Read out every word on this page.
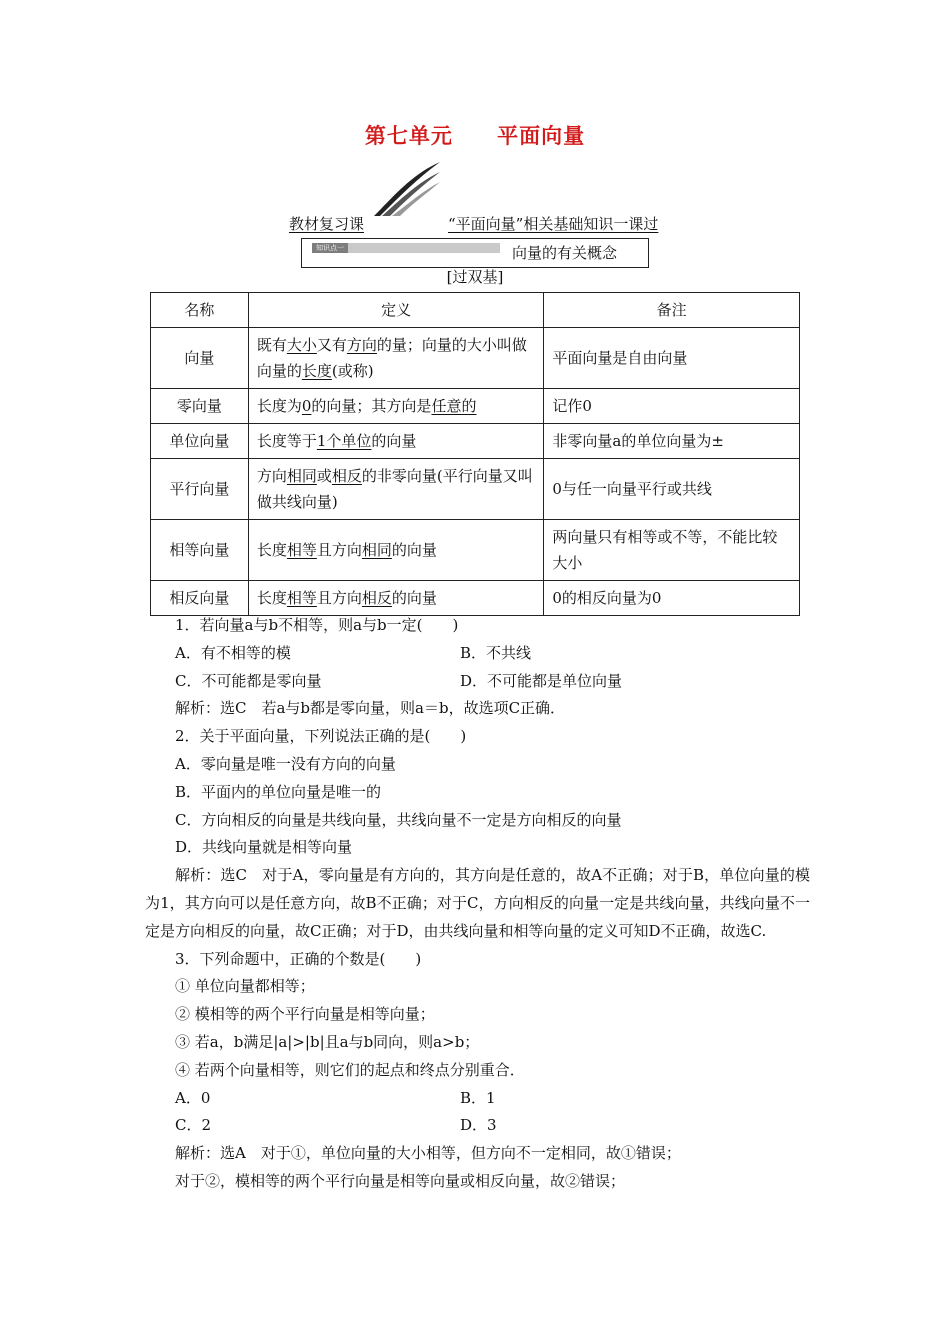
第七单元 平面向量
教材复习课	“平面向量”相关基础知识一课过
知识点一	向量的有关概念
[过双基]
名称	定义	备注
向量	既有大小又有方向的量；向量的大小叫做向量的长度(或称)	平面向量是自由向量
零向量	长度为0的向量；其方向是任意的	记作0
单位向量	长度等于1个单位的向量	非零向量a的单位向量为±
平行向量	方向相同或相反的非零向量(平行向量又叫做共线向量)	0与任一向量平行或共线
相等向量	长度相等且方向相同的向量	两向量只有相等或不等，不能比较大小
相反向量	长度相等且方向相反的向量	0的相反向量为0

1．若向量a与b不相等，则a与b一定(　　)

A．有不相等的模	B．不共线

C．不可能都是零向量	D．不可能都是单位向量

解析：选C　若a与b都是零向量，则a＝b，故选项C正确．

2．关于平面向量，下列说法正确的是(　　)

A．零向量是唯一没有方向的向量

B．平面内的单位向量是唯一的

C．方向相反的向量是共线向量，共线向量不一定是方向相反的向量

D．共线向量就是相等向量

解析：选C　对于A，零向量是有方向的，其方向是任意的，故A不正确；对于B，单位向量的模为1，其方向可以是任意方向，故B不正确；对于C，方向相反的向量一定是共线向量，共线向量不一定是方向相反的向量，故C正确；对于D，由共线向量和相等向量的定义可知D不正确，故选C.

3．下列命题中，正确的个数是(　　)

① 单位向量都相等；

② 模相等的两个平行向量是相等向量；

③ 若a，b满足|a|>|b|且a与b同向，则a>b；

④ 若两个向量相等，则它们的起点和终点分别重合．

A．0	B．1

C．2	D．3

解析：选A　对于①，单位向量的大小相等，但方向不一定相同，故①错误；

对于②，模相等的两个平行向量是相等向量或相反向量，故②错误；
